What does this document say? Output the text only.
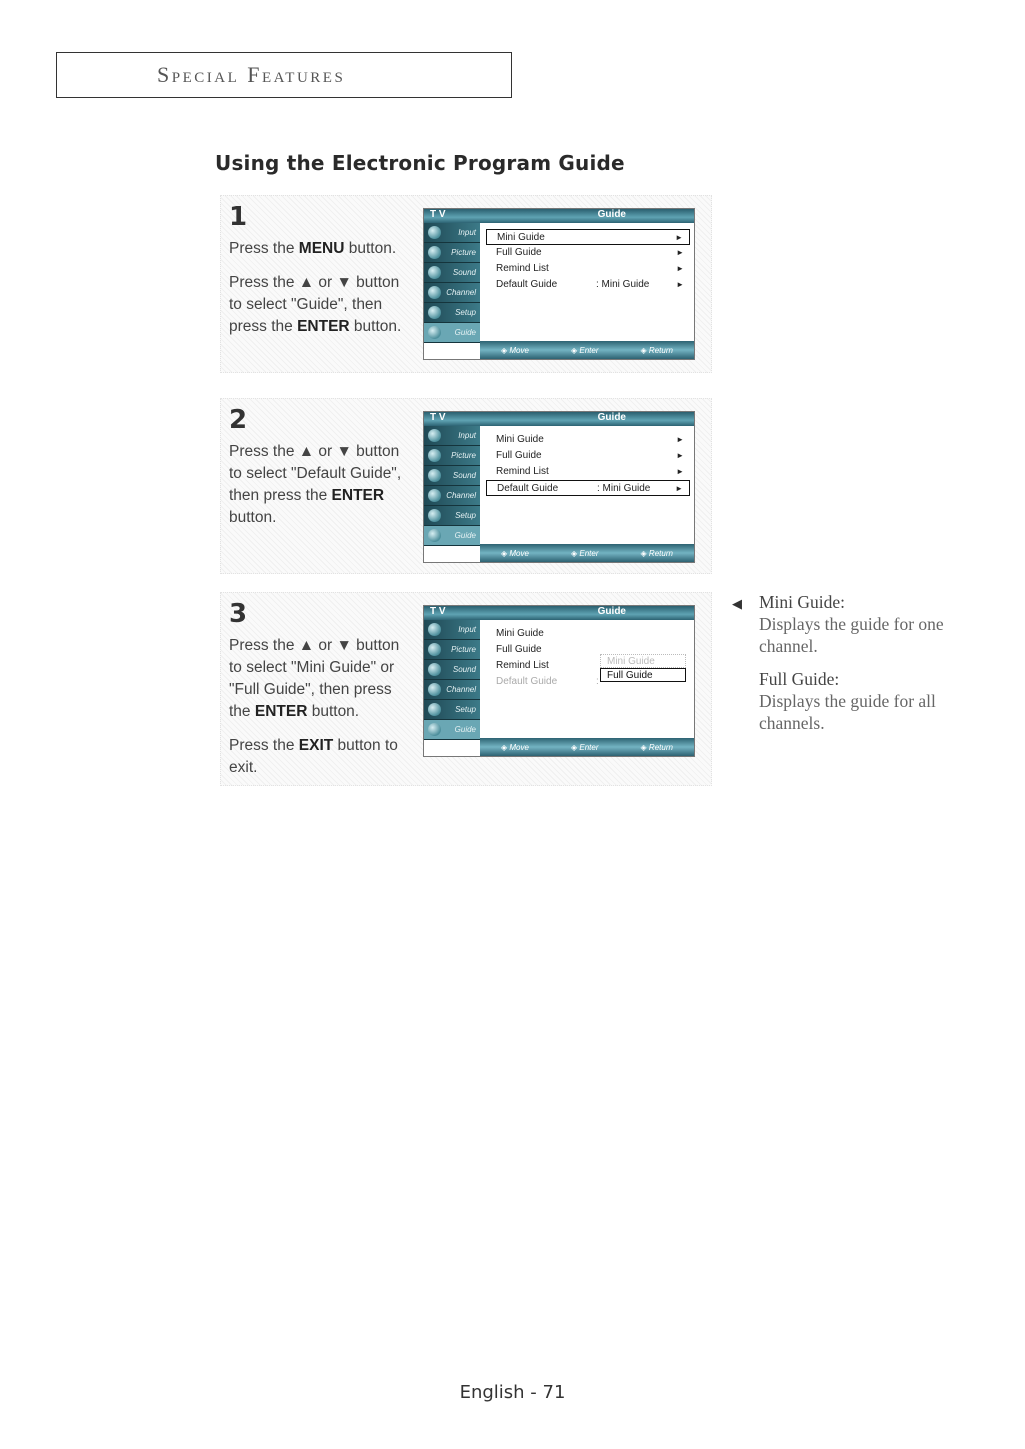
Special Features
Using the Electronic Program Guide
1

Press the MENU button.

Press the ▲ or ▼ button to select "Guide", then press the ENTER button.

T V	Guide
Input
Picture
Sound
Channel
Setup
Guide
Mini Guide	►
Full Guide	►
Remind List	►
Default Guide	: Mini Guide	►
◈ Move	◈ Enter	◈ Return
2

Press the ▲ or ▼ button to select "Default Guide", then press the ENTER button.

T V	Guide
Input
Picture
Sound
Channel
Setup
Guide
Mini Guide	►
Full Guide	►
Remind List	►
Default Guide	: Mini Guide	►
◈ Move	◈ Enter	◈ Return
3

Press the ▲ or ▼ button to select "Mini Guide" or "Full Guide", then press the ENTER button.

Press the EXIT button to exit.

T V	Guide
Input
Picture
Sound
Channel
Setup
Guide
Mini Guide
Full Guide
Remind List
Default Guide	:
Mini Guide
Full Guide
◈ Move	◈ Enter	◈ Return
◀ Mini Guide:
Displays the guide for one channel.
Full Guide:
Displays the guide for all channels.
English - 71
